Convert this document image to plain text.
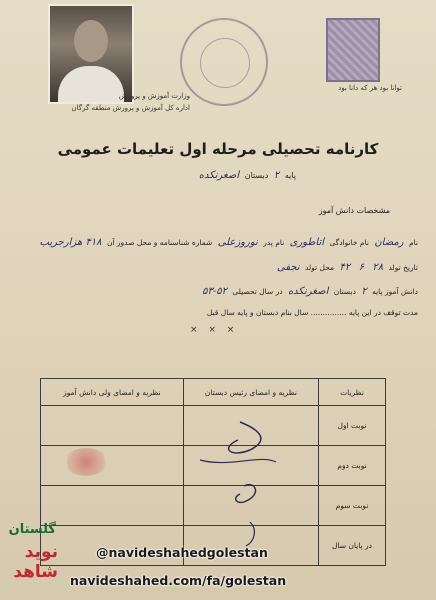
توانا بود هر که دانا بود
وزارت آموزش و پرورش
اداره کل آموزش و پرورش منطقه گرگان
کارنامه تحصیلی مرحله اول تعلیمات عمومی
پایه ۲ دبستان اصغرنکده
مشخصات دانش آموز
نام رمضان نام خانوادگی آتاطوری نام پدر نوروزعلی شماره شناسنامه و محل صدور آن ۴۱۸ هزارجریب
تاریخ تولد ۲۸ ۶ ۴۲ محل تولد نجفی
دانش آموز پایه ۲ دبستان اصغرنکده در سال تحصیلی ۵۲-۵۳
مدت توقف در این پایه ............... سال بنام دبستان و پایه سال قبل
× × ×
نظریات	نظریه و امضای رئیس دبستان	نظریه و امضای ولی دانش آموز
نوبت اول		
نوبت دوم		
نوبت سوم		
در پایان سال		
گلستان
نوید شاهد
@navideshahedgolestan
navideshahed.com/fa/golestan
